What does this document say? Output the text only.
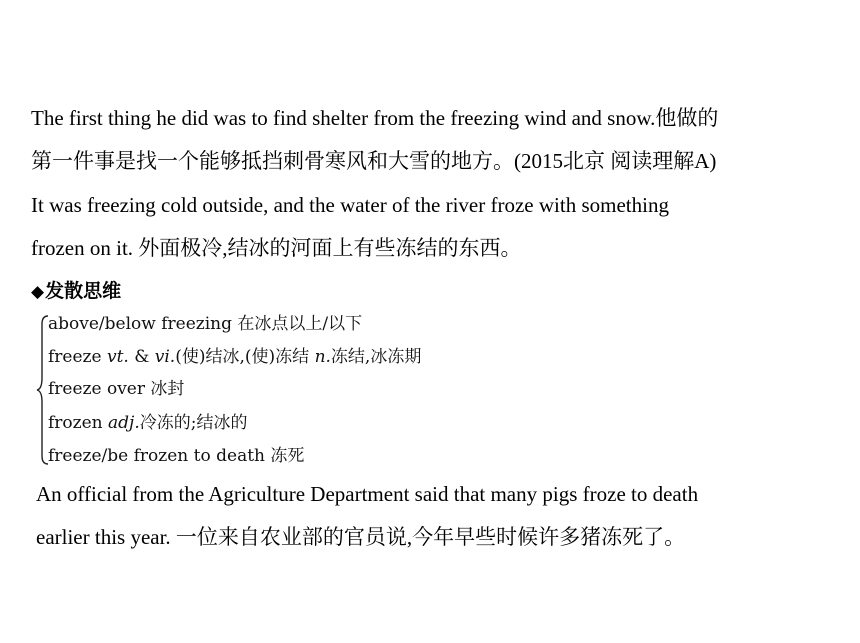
The first thing he did was to find shelter from the freezing wind and snow.他做的
第一件事是找一个能够抵挡刺骨寒风和大雪的地方。(2015北京 阅读理解A)
It was freezing cold outside, and the water of the river froze with something
frozen on it. 外面极冷,结冰的河面上有些冻结的东西。
◆发散思维
above/below freezing 在冰点以上/以下
freeze vt. & vi.(使)结冰,(使)冻结 n.冻结,冰冻期
freeze over 冰封
frozen adj.冷冻的;结冰的
freeze/be frozen to death 冻死
An official from the Agriculture Department said that many pigs froze to death
earlier this year. 一位来自农业部的官员说,今年早些时候许多猪冻死了。
